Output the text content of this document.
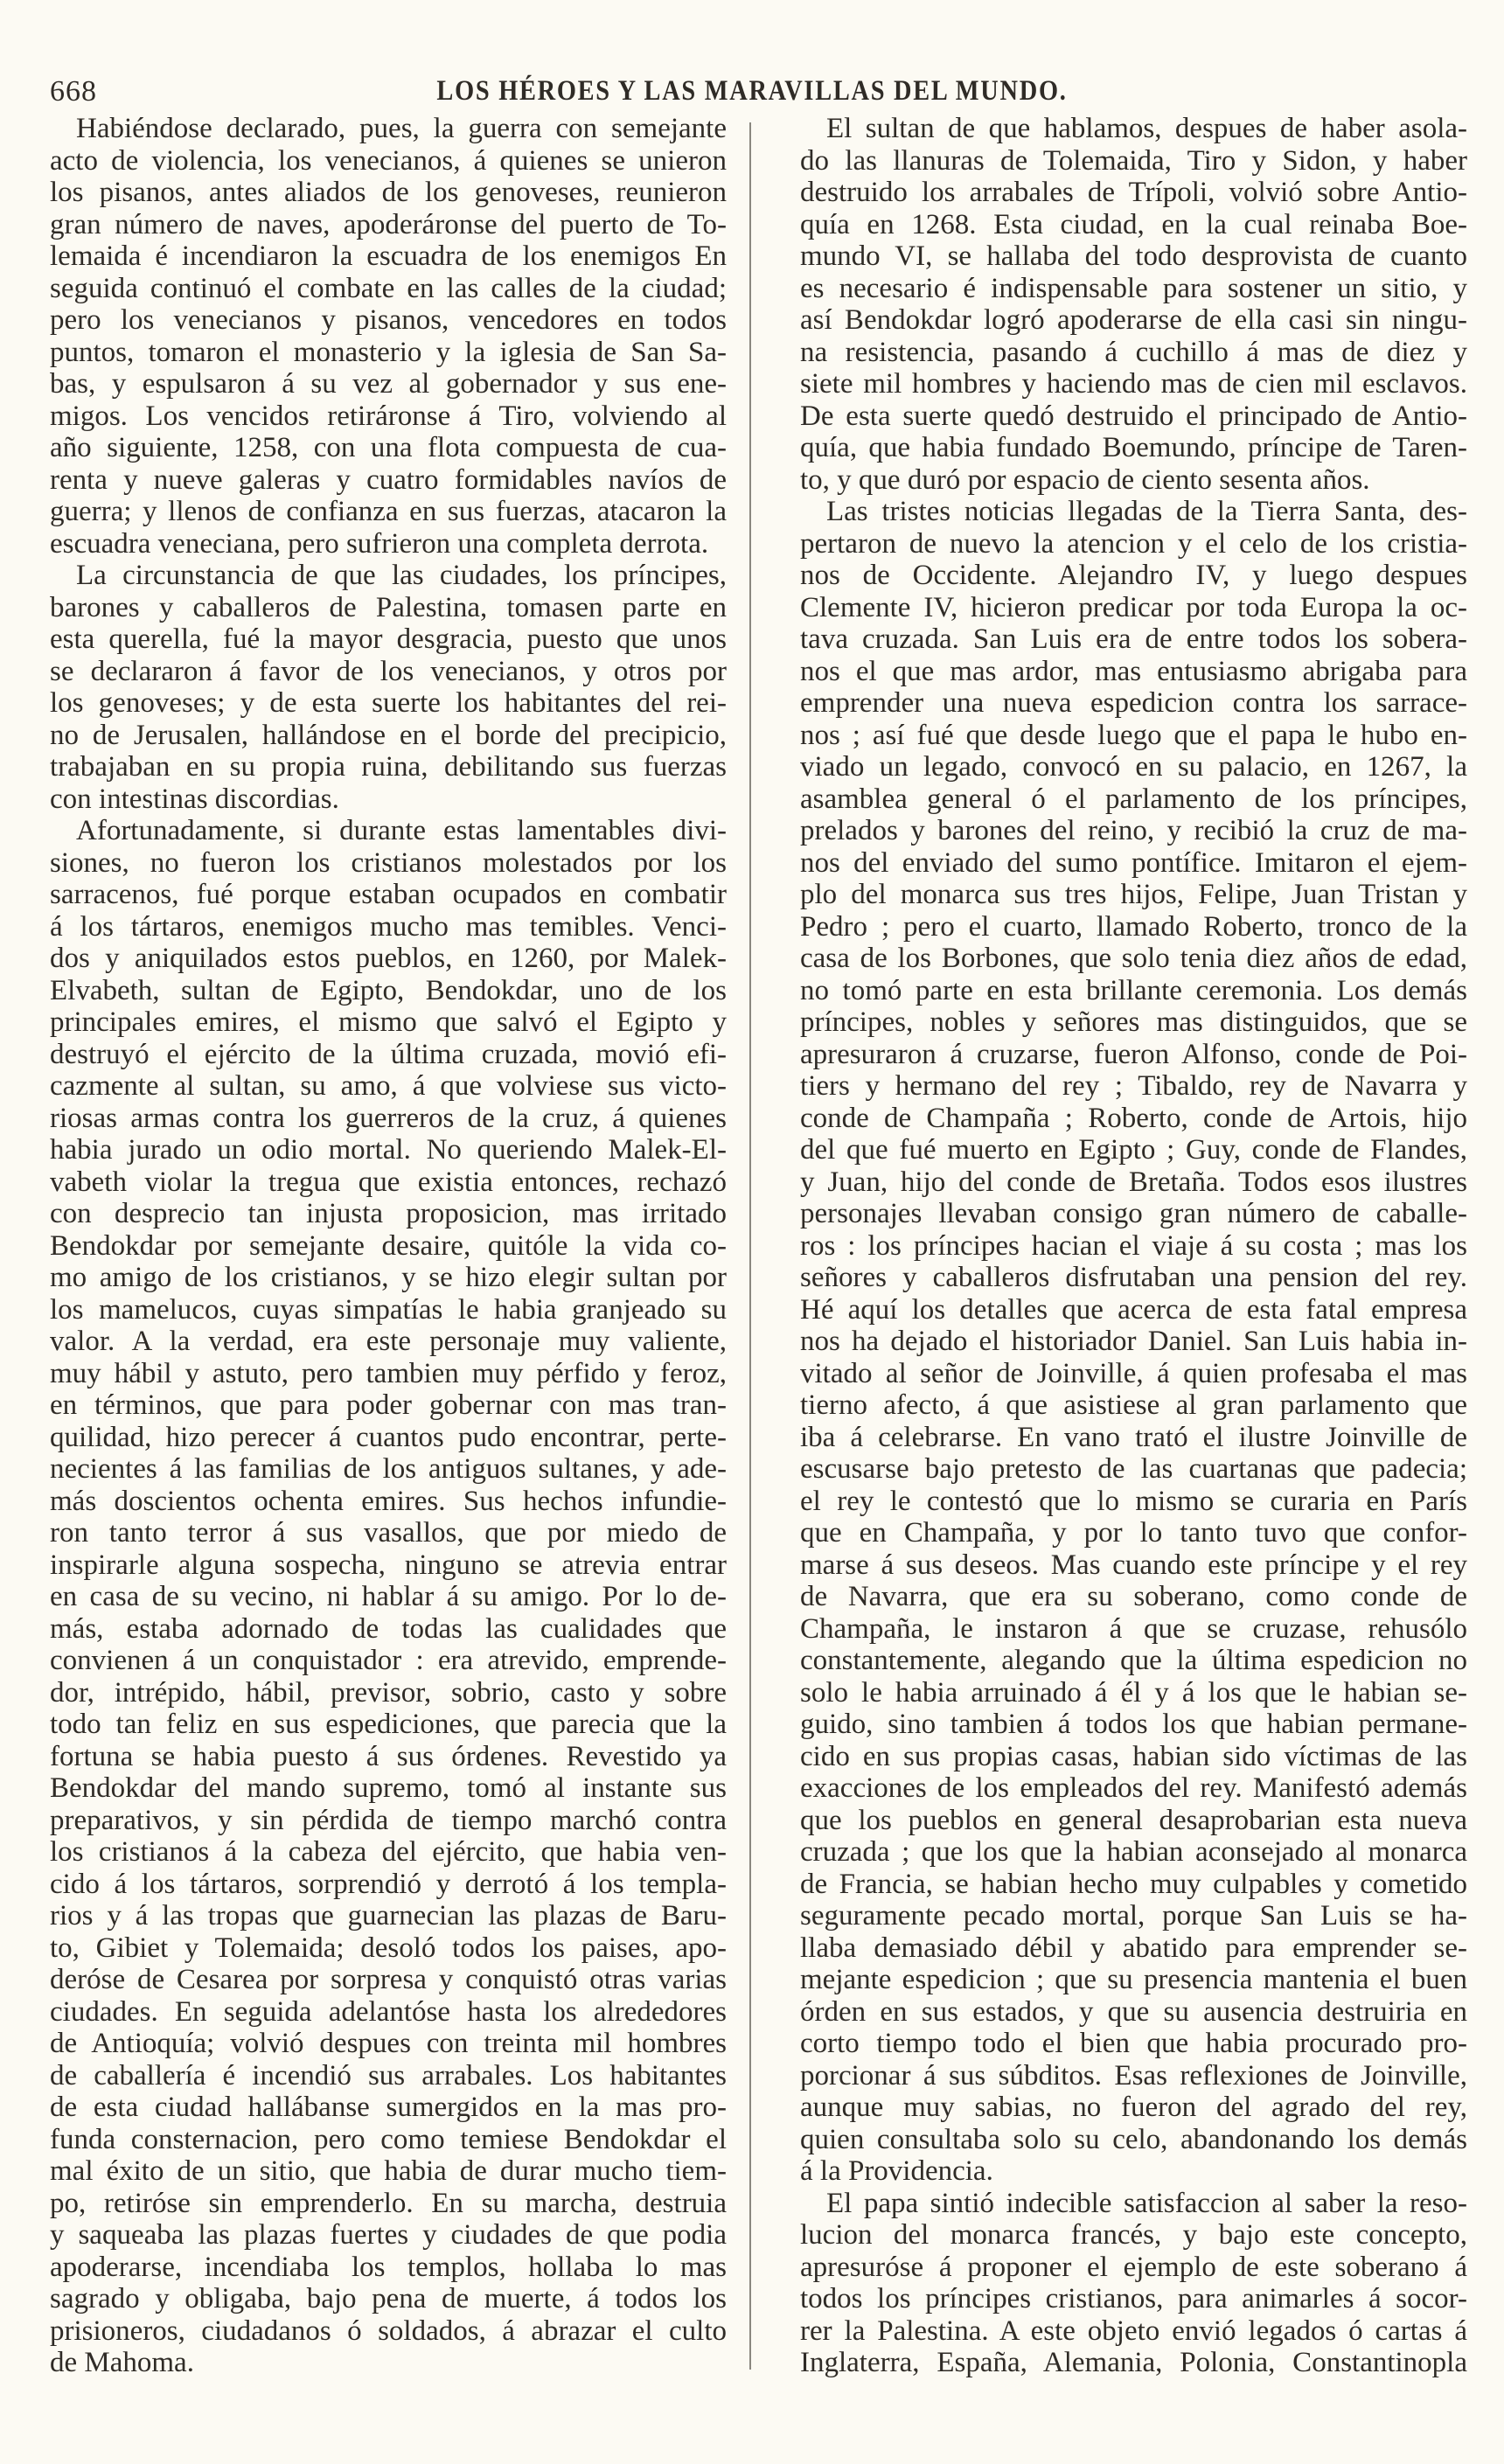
668	LOS HÉROES Y LAS MARAVILLAS DEL MUNDO.
Habiéndose declarado, pues, la guerra con semejante
acto de violencia, los venecianos, á quienes se unieron
los pisanos, antes aliados de los genoveses, reunieron
gran número de naves, apoderáronse del puerto de To-
lemaida é incendiaron la escuadra de los enemigos En
seguida continuó el combate en las calles de la ciudad;
pero los venecianos y pisanos, vencedores en todos
puntos, tomaron el monasterio y la iglesia de San Sa-
bas, y espulsaron á su vez al gobernador y sus ene-
migos. Los vencidos retiráronse á Tiro, volviendo al
año siguiente, 1258, con una flota compuesta de cua-
renta y nueve galeras y cuatro formidables navíos de
guerra; y llenos de confianza en sus fuerzas, atacaron la
escuadra veneciana, pero sufrieron una completa derrota.
La circunstancia de que las ciudades, los príncipes,
barones y caballeros de Palestina, tomasen parte en
esta querella, fué la mayor desgracia, puesto que unos
se declararon á favor de los venecianos, y otros por
los genoveses; y de esta suerte los habitantes del rei-
no de Jerusalen, hallándose en el borde del precipicio,
trabajaban en su propia ruina, debilitando sus fuerzas
con intestinas discordias.
Afortunadamente, si durante estas lamentables divi-
siones, no fueron los cristianos molestados por los
sarracenos, fué porque estaban ocupados en combatir
á los tártaros, enemigos mucho mas temibles. Venci-
dos y aniquilados estos pueblos, en 1260, por Malek-
Elvabeth, sultan de Egipto, Bendokdar, uno de los
principales emires, el mismo que salvó el Egipto y
destruyó el ejército de la última cruzada, movió efi-
cazmente al sultan, su amo, á que volviese sus victo-
riosas armas contra los guerreros de la cruz, á quienes
habia jurado un odio mortal. No queriendo Malek-El-
vabeth violar la tregua que existia entonces, rechazó
con desprecio tan injusta proposicion, mas irritado
Bendokdar por semejante desaire, quitóle la vida co-
mo amigo de los cristianos, y se hizo elegir sultan por
los mamelucos, cuyas simpatías le habia granjeado su
valor. A la verdad, era este personaje muy valiente,
muy hábil y astuto, pero tambien muy pérfido y feroz,
en términos, que para poder gobernar con mas tran-
quilidad, hizo perecer á cuantos pudo encontrar, perte-
necientes á las familias de los antiguos sultanes, y ade-
más doscientos ochenta emires. Sus hechos infundie-
ron tanto terror á sus vasallos, que por miedo de
inspirarle alguna sospecha, ninguno se atrevia entrar
en casa de su vecino, ni hablar á su amigo. Por lo de-
más, estaba adornado de todas las cualidades que
convienen á un conquistador : era atrevido, emprende-
dor, intrépido, hábil, previsor, sobrio, casto y sobre
todo tan feliz en sus espediciones, que parecia que la
fortuna se habia puesto á sus órdenes. Revestido ya
Bendokdar del mando supremo, tomó al instante sus
preparativos, y sin pérdida de tiempo marchó contra
los cristianos á la cabeza del ejército, que habia ven-
cido á los tártaros, sorprendió y derrotó á los templa-
rios y á las tropas que guarnecian las plazas de Baru-
to, Gibiet y Tolemaida; desoló todos los paises, apo-
deróse de Cesarea por sorpresa y conquistó otras varias
ciudades. En seguida adelantóse hasta los alrededores
de Antioquía; volvió despues con treinta mil hombres
de caballería é incendió sus arrabales. Los habitantes
de esta ciudad hallábanse sumergidos en la mas pro-
funda consternacion, pero como temiese Bendokdar el
mal éxito de un sitio, que habia de durar mucho tiem-
po, retiróse sin emprenderlo. En su marcha, destruia
y saqueaba las plazas fuertes y ciudades de que podia
apoderarse, incendiaba los templos, hollaba lo mas
sagrado y obligaba, bajo pena de muerte, á todos los
prisioneros, ciudadanos ó soldados, á abrazar el culto
de Mahoma.
El sultan de que hablamos, despues de haber asola-
do las llanuras de Tolemaida, Tiro y Sidon, y haber
destruido los arrabales de Trípoli, volvió sobre Antio-
quía en 1268. Esta ciudad, en la cual reinaba Boe-
mundo VI, se hallaba del todo desprovista de cuanto
es necesario é indispensable para sostener un sitio, y
así Bendokdar logró apoderarse de ella casi sin ningu-
na resistencia, pasando á cuchillo á mas de diez y
siete mil hombres y haciendo mas de cien mil esclavos.
De esta suerte quedó destruido el principado de Antio-
quía, que habia fundado Boemundo, príncipe de Taren-
to, y que duró por espacio de ciento sesenta años.
Las tristes noticias llegadas de la Tierra Santa, des-
pertaron de nuevo la atencion y el celo de los cristia-
nos de Occidente. Alejandro IV, y luego despues
Clemente IV, hicieron predicar por toda Europa la oc-
tava cruzada. San Luis era de entre todos los sobera-
nos el que mas ardor, mas entusiasmo abrigaba para
emprender una nueva espedicion contra los sarrace-
nos ; así fué que desde luego que el papa le hubo en-
viado un legado, convocó en su palacio, en 1267, la
asamblea general ó el parlamento de los príncipes,
prelados y barones del reino, y recibió la cruz de ma-
nos del enviado del sumo pontífice. Imitaron el ejem-
plo del monarca sus tres hijos, Felipe, Juan Tristan y
Pedro ; pero el cuarto, llamado Roberto, tronco de la
casa de los Borbones, que solo tenia diez años de edad,
no tomó parte en esta brillante ceremonia. Los demás
príncipes, nobles y señores mas distinguidos, que se
apresuraron á cruzarse, fueron Alfonso, conde de Poi-
tiers y hermano del rey ; Tibaldo, rey de Navarra y
conde de Champaña ; Roberto, conde de Artois, hijo
del que fué muerto en Egipto ; Guy, conde de Flandes,
y Juan, hijo del conde de Bretaña. Todos esos ilustres
personajes llevaban consigo gran número de caballe-
ros : los príncipes hacian el viaje á su costa ; mas los
señores y caballeros disfrutaban una pension del rey.
Hé aquí los detalles que acerca de esta fatal empresa
nos ha dejado el historiador Daniel. San Luis habia in-
vitado al señor de Joinville, á quien profesaba el mas
tierno afecto, á que asistiese al gran parlamento que
iba á celebrarse. En vano trató el ilustre Joinville de
escusarse bajo pretesto de las cuartanas que padecia;
el rey le contestó que lo mismo se curaria en París
que en Champaña, y por lo tanto tuvo que confor-
marse á sus deseos. Mas cuando este príncipe y el rey
de Navarra, que era su soberano, como conde de
Champaña, le instaron á que se cruzase, rehusólo
constantemente, alegando que la última espedicion no
solo le habia arruinado á él y á los que le habian se-
guido, sino tambien á todos los que habian permane-
cido en sus propias casas, habian sido víctimas de las
exacciones de los empleados del rey. Manifestó además
que los pueblos en general desaprobarian esta nueva
cruzada ; que los que la habian aconsejado al monarca
de Francia, se habian hecho muy culpables y cometido
seguramente pecado mortal, porque San Luis se ha-
llaba demasiado débil y abatido para emprender se-
mejante espedicion ; que su presencia mantenia el buen
órden en sus estados, y que su ausencia destruiria en
corto tiempo todo el bien que habia procurado pro-
porcionar á sus súbditos. Esas reflexiones de Joinville,
aunque muy sabias, no fueron del agrado del rey,
quien consultaba solo su celo, abandonando los demás
á la Providencia.
El papa sintió indecible satisfaccion al saber la reso-
lucion del monarca francés, y bajo este concepto,
apresuróse á proponer el ejemplo de este soberano á
todos los príncipes cristianos, para animarles á socor-
rer la Palestina. A este objeto envió legados ó cartas á
Inglaterra, España, Alemania, Polonia, Constantinopla
